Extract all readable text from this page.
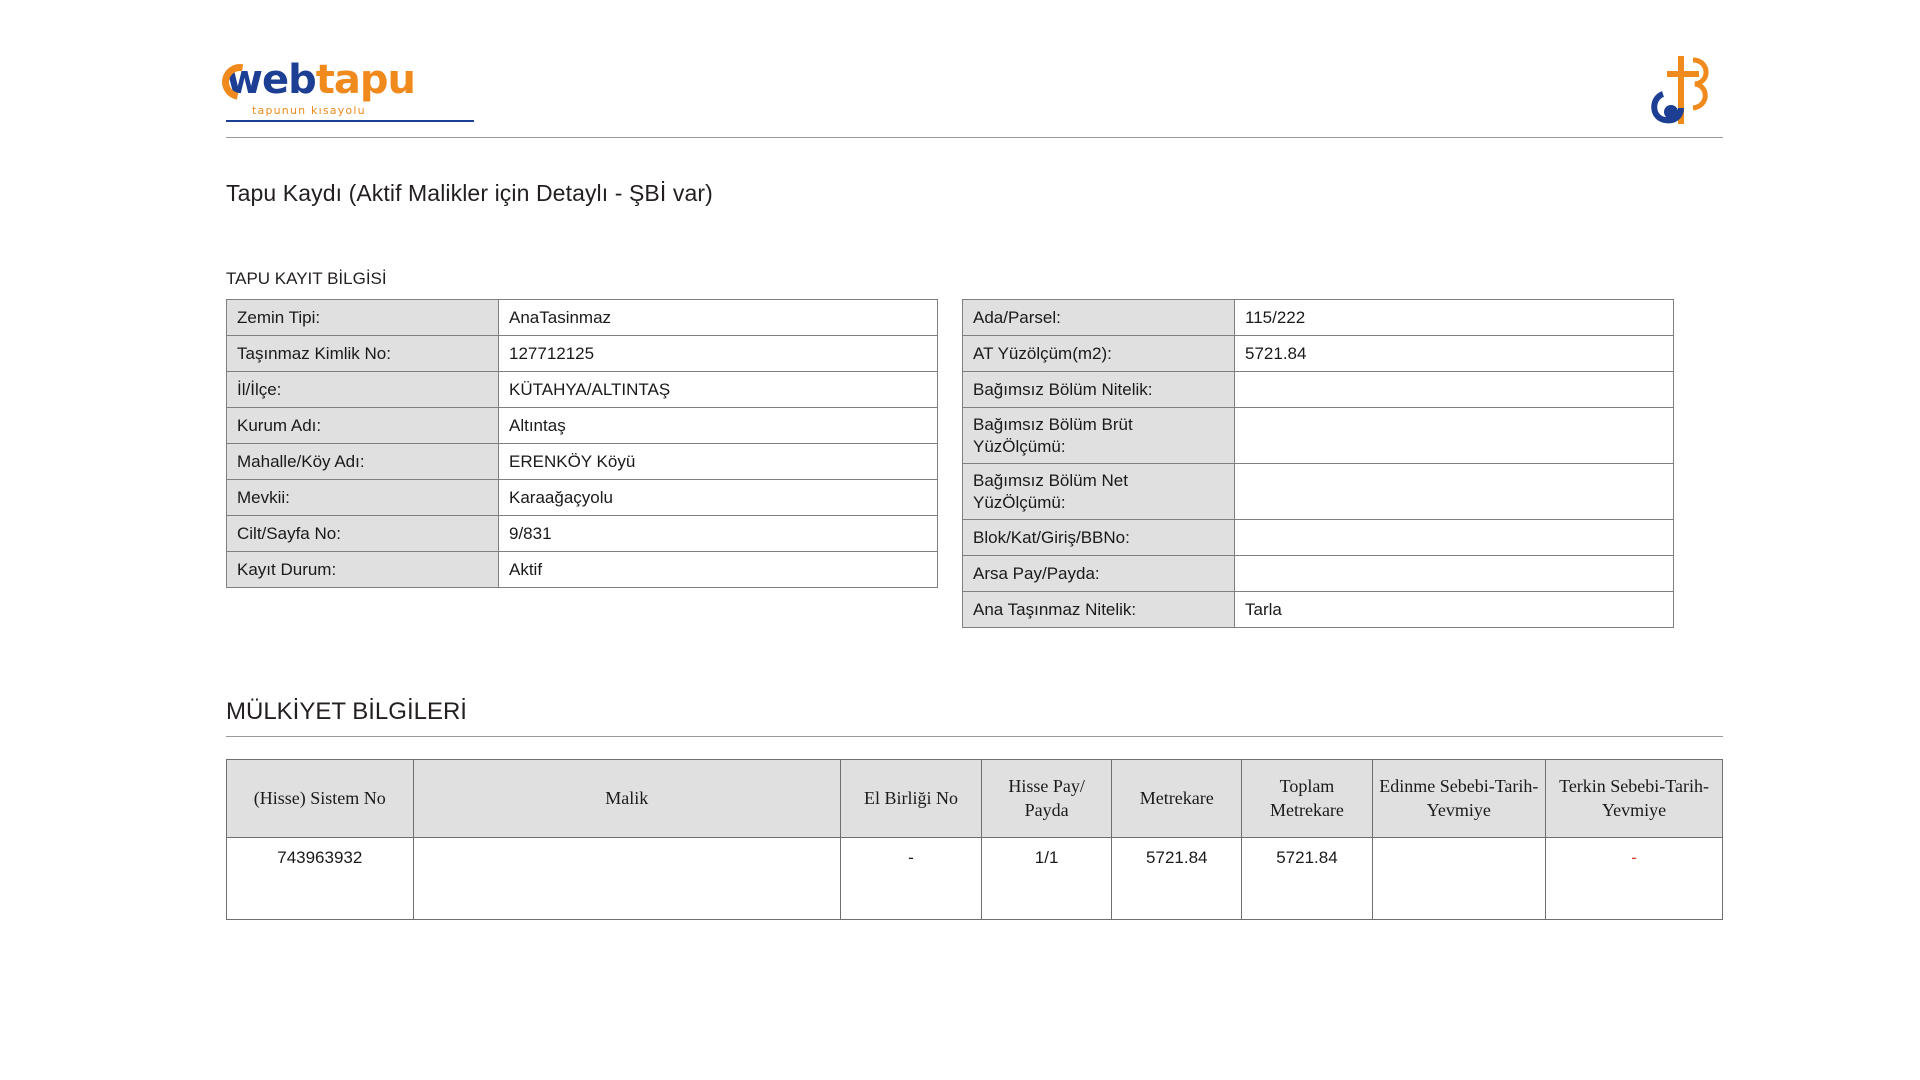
webtapu
tapunun kısayolu
Tapu Kaydı (Aktif Malikler için Detaylı - ŞBİ var)
TAPU KAYIT BİLGİSİ
Zemin Tipi:	AnaTasinmaz
Taşınmaz Kimlik No:	127712125
İl/İlçe:	KÜTAHYA/ALTINTAŞ
Kurum Adı:	Altıntaş
Mahalle/Köy Adı:	ERENKÖY Köyü
Mevkii:	Karaağaçyolu
Cilt/Sayfa No:	9/831
Kayıt Durum:	Aktif
Ada/Parsel:	115/222
AT Yüzölçüm(m2):	5721.84
Bağımsız Bölüm Nitelik:	
Bağımsız Bölüm Brüt YüzÖlçümü:	
Bağımsız Bölüm Net YüzÖlçümü:	
Blok/Kat/Giriş/BBNo:	
Arsa Pay/Payda:	
Ana Taşınmaz Nitelik:	Tarla
MÜLKİYET BİLGİLERİ
(Hisse) Sistem No	Malik	El Birliği No	Hisse Pay/ Payda	Metrekare	Toplam Metrekare	Edinme Sebebi-Tarih-Yevmiye	Terkin Sebebi-Tarih-Yevmiye
743963932		-	1/1	5721.84	5721.84		-
